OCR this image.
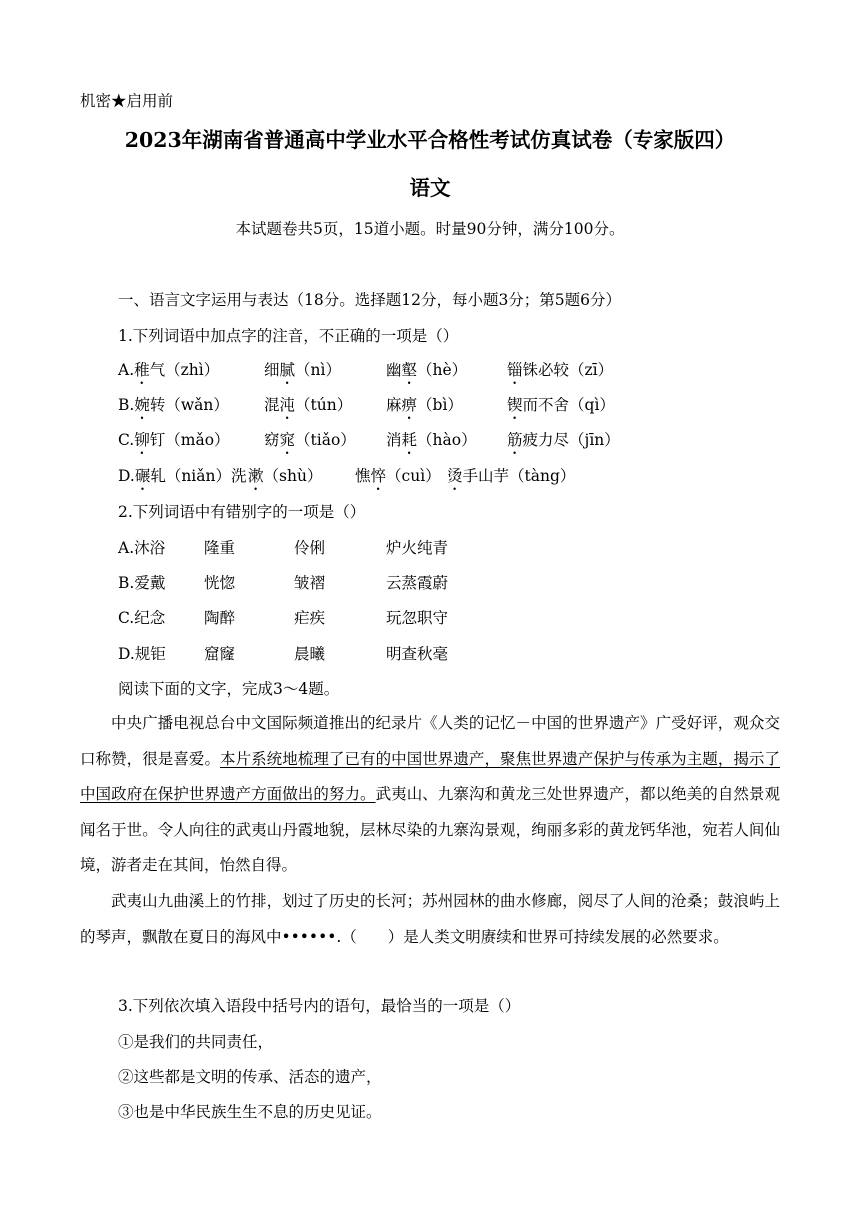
机密★启用前
2023年湖南省普通高中学业水平合格性考试仿真试卷（专家版四）
语文
本试题卷共5页，15道小题。时量90分钟，满分100分。
一、语言文字运用与表达（18分。选择题12分，每小题3分；第5题6分）
1.下列词语中加点字的注音，不正确的一项是（）
A.稚气（zhì）	细腻（nì）	幽壑（hè）	锱铢必较（zī）
B.婉转（wǎn） 混沌（tún） 麻痹（bì）	锲而不舍（qì）
C.铆钉（mǎo） 窈窕（tiǎo） 消耗（hào） 筋疲力尽（jīn）
D.碾轧（niǎn）洗 漱（shù） 憔悴（cuì） 烫手山芋（tàng）
2.下列词语中有错别字的一项是（）
A.沐浴	隆重	伶俐	炉火纯青
B.爱戴 恍惚	皱褶	云蒸霞蔚
C.纪念	陶醉	疟疾	玩忽职守
D.规钜 窟窿	晨曦	明查秋毫
阅读下面的文字，完成3～4题。
中央广播电视总台中文国际频道推出的纪录片《人类的记忆－中国的世界遗产》广受好评，观众交口称赞，很是喜爱。本片系统地梳理了已有的中国世界遗产，聚焦世界遗产保护与传承为主题，揭示了中国政府在保护世界遗产方面做出的努力。武夷山、九寨沟和黄龙三处世界遗产，都以绝美的自然景观闻名于世。令人向往的武夷山丹霞地貌，层林尽染的九寨沟景观，绚丽多彩的黄龙钙华池，宛若人间仙境，游者走在其间，怡然自得。
武夷山九曲溪上的竹排，划过了历史的长河；苏州园林的曲水修廊，阅尽了人间的沧桑；鼓浪屿上的琴声，飘散在夏日的海风中••••••.（　　）是人类文明赓续和世界可持续发展的必然要求。
3.下列依次填入语段中括号内的语句，最恰当的一项是（）
①是我们的共同责任，
②这些都是文明的传承、活态的遗产，
③也是中华民族生生不息的历史见证。
